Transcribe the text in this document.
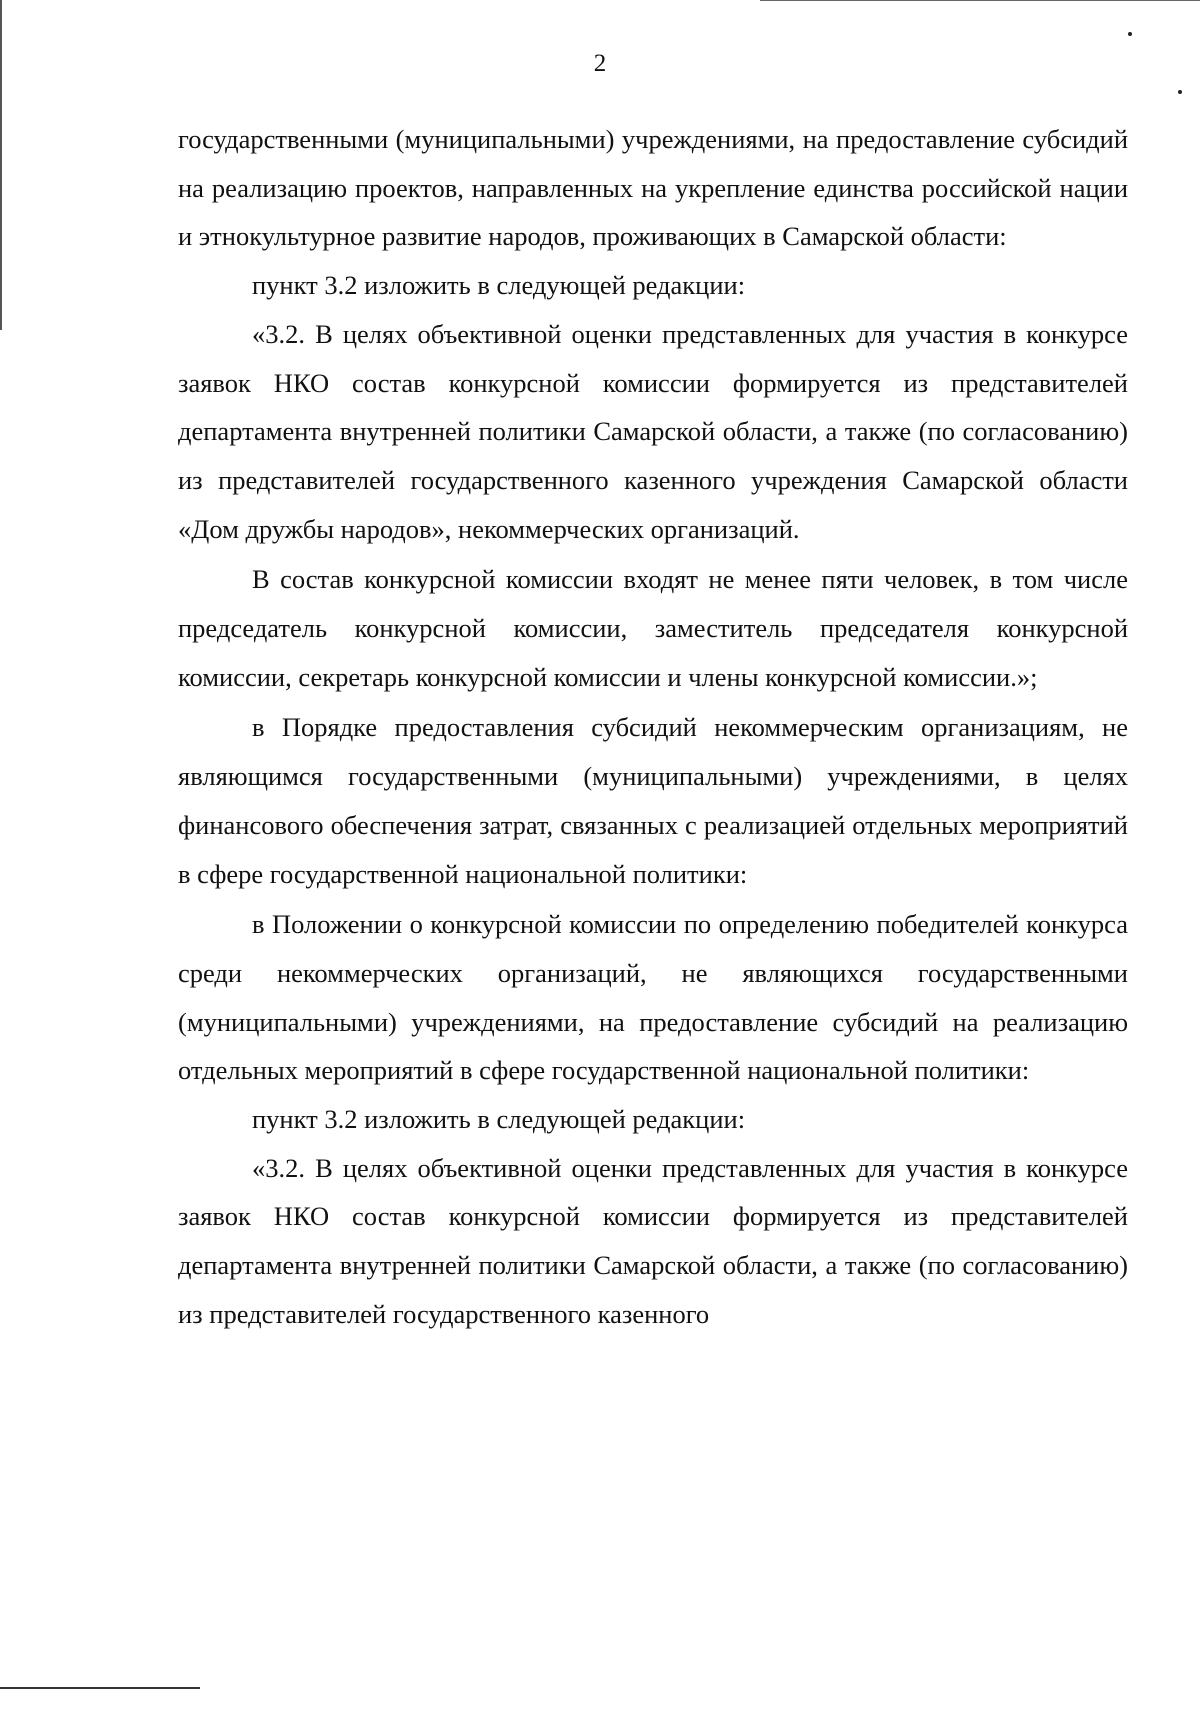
2

государственными (муниципальными) учреждениями, на предоставление субсидий на реализацию проектов, направленных на укрепление единства российской нации и этнокультурное развитие народов, проживающих в Самарской области:

пункт 3.2 изложить в следующей редакции:

«3.2. В целях объективной оценки представленных для участия в конкурсе заявок НКО состав конкурсной комиссии формируется из представителей департамента внутренней политики Самарской области, а также (по согласованию) из представителей государственного казенного учреждения Самарской области «Дом дружбы народов», некоммерческих организаций.

В состав конкурсной комиссии входят не менее пяти человек, в том числе председатель конкурсной комиссии, заместитель председателя конкурсной комиссии, секретарь конкурсной комиссии и члены конкурсной комиссии.»;

в Порядке предоставления субсидий некоммерческим организациям, не являющимся государственными (муниципальными) учреждениями, в целях финансового обеспечения затрат, связанных с реализацией отдельных мероприятий в сфере государственной национальной политики:

в Положении о конкурсной комиссии по определению победителей конкурса среди некоммерческих организаций, не являющихся государственными (муниципальными) учреждениями, на предоставление субсидий на реализацию отдельных мероприятий в сфере государственной национальной политики:

пункт 3.2 изложить в следующей редакции:

«3.2. В целях объективной оценки представленных для участия в конкурсе заявок НКО состав конкурсной комиссии формируется из представителей департамента внутренней политики Самарской области, а также (по согласованию) из представителей государственного казенного
